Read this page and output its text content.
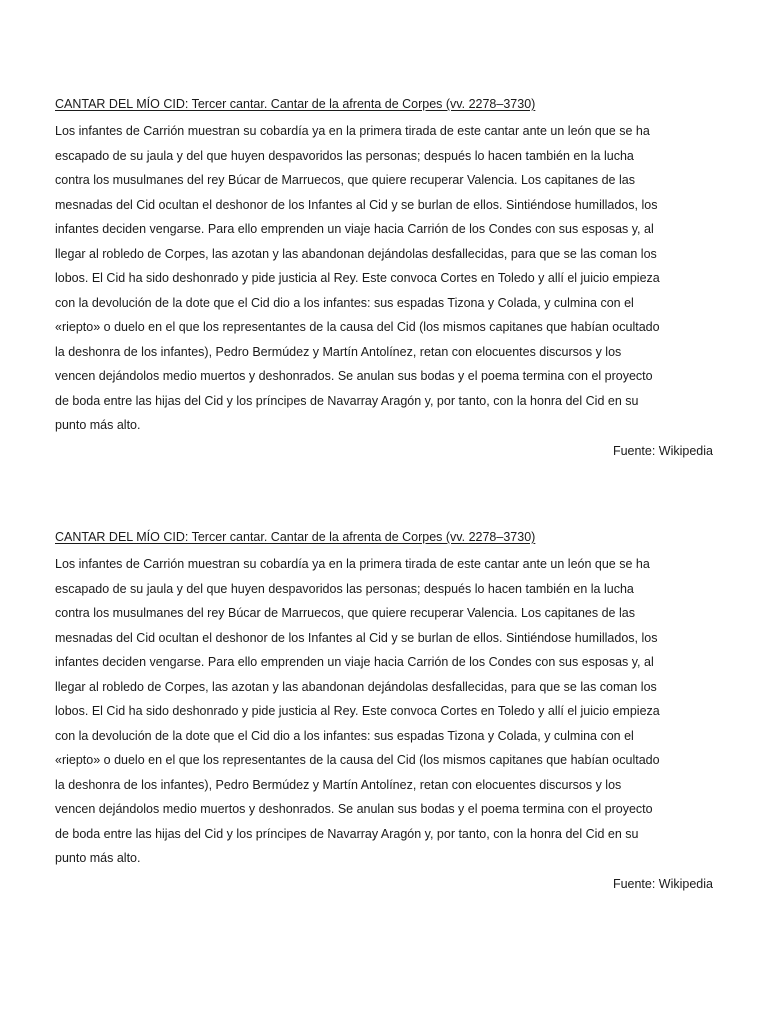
CANTAR DEL MÍO CID: Tercer cantar. Cantar de la afrenta de Corpes (vv. 2278–3730)

Los infantes de Carrión muestran su cobardía ya en la primera tirada de este cantar ante un león que se ha
escapado de su jaula y del que huyen despavoridos las personas; después lo hacen también en la lucha
contra los musulmanes del rey Búcar de Marruecos, que quiere recuperar Valencia. Los capitanes de las
mesnadas del Cid ocultan el deshonor de los Infantes al Cid y se burlan de ellos. Sintiéndose humillados, los
infantes deciden vengarse. Para ello emprenden un viaje hacia Carrión de los Condes con sus esposas y, al
llegar al robledo de Corpes, las azotan y las abandonan dejándolas desfallecidas, para que se las coman los
lobos. El Cid ha sido deshonrado y pide justicia al Rey. Este convoca Cortes en Toledo y allí el juicio empieza
con la devolución de la dote que el Cid dio a los infantes: sus espadas Tizona y Colada, y culmina con el
«riepto» o duelo en el que los representantes de la causa del Cid (los mismos capitanes que habían ocultado
la deshonra de los infantes), Pedro Bermúdez y Martín Antolínez, retan con elocuentes discursos y los
vencen dejándolos medio muertos y deshonrados. Se anulan sus bodas y el poema termina con el proyecto
de boda entre las hijas del Cid y los príncipes de Navarray Aragón y, por tanto, con la honra del Cid en su
punto más alto.

Fuente: Wikipedia

CANTAR DEL MÍO CID: Tercer cantar. Cantar de la afrenta de Corpes (vv. 2278–3730)

Los infantes de Carrión muestran su cobardía ya en la primera tirada de este cantar ante un león que se ha
escapado de su jaula y del que huyen despavoridos las personas; después lo hacen también en la lucha
contra los musulmanes del rey Búcar de Marruecos, que quiere recuperar Valencia. Los capitanes de las
mesnadas del Cid ocultan el deshonor de los Infantes al Cid y se burlan de ellos. Sintiéndose humillados, los
infantes deciden vengarse. Para ello emprenden un viaje hacia Carrión de los Condes con sus esposas y, al
llegar al robledo de Corpes, las azotan y las abandonan dejándolas desfallecidas, para que se las coman los
lobos. El Cid ha sido deshonrado y pide justicia al Rey. Este convoca Cortes en Toledo y allí el juicio empieza
con la devolución de la dote que el Cid dio a los infantes: sus espadas Tizona y Colada, y culmina con el
«riepto» o duelo en el que los representantes de la causa del Cid (los mismos capitanes que habían ocultado
la deshonra de los infantes), Pedro Bermúdez y Martín Antolínez, retan con elocuentes discursos y los
vencen dejándolos medio muertos y deshonrados. Se anulan sus bodas y el poema termina con el proyecto
de boda entre las hijas del Cid y los príncipes de Navarray Aragón y, por tanto, con la honra del Cid en su
punto más alto.

Fuente: Wikipedia
